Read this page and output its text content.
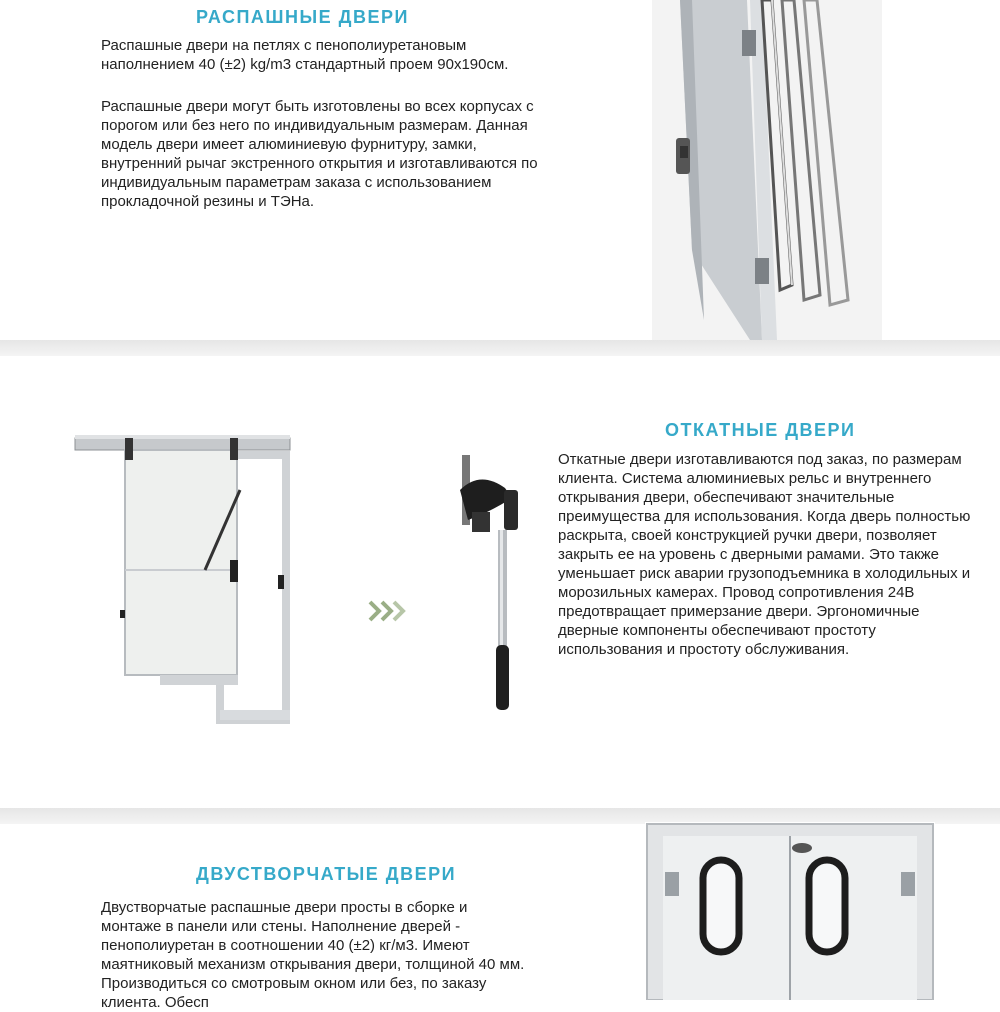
РАСПАШНЫЕ ДВЕРИ

Распашные двери на петлях с пенополиуретановым наполнением 40 (±2) kg/m3 стандартный проем 90х190см.

Распашные двери могут быть изготовлены во всех корпусах с порогом или без него по индивидуальным размерам. Данная модель двери имеет алюминиевую фурнитуру, замки, внутренний рычаг экстренного открытия и изготавливаются по индивидуальным параметрам заказа с использованием прокладочной резины и ТЭНа.

ОТКАТНЫЕ ДВЕРИ

Откатные двери изготавливаются под заказ, по размерам клиента. Система алюминиевых рельс и внутреннего открывания двери, обеспечивают значительные преимущества для использования. Когда дверь полностью раскрыта, своей конструкцией ручки двери, позволяет закрыть ее на уровень с дверными рамами. Это также уменьшает риск аварии грузоподъемника в холодильных и морозильных камерах. Провод сопротивления 24В предотвращает примерзание двери. Эргономичные дверные компоненты обеспечивают простоту использования и простоту обслуживания.

ДВУСТВОРЧАТЫЕ ДВЕРИ

Двустворчатые распашные двери просты в сборке и монтаже в панели или стены. Наполнение дверей - пенополиуретан в соотношении 40 (±2) кг/м3. Имеют маятниковый механизм открывания двери, толщиной 40 мм. Производиться со смотровым окном или без, по заказу клиента. Обесп
